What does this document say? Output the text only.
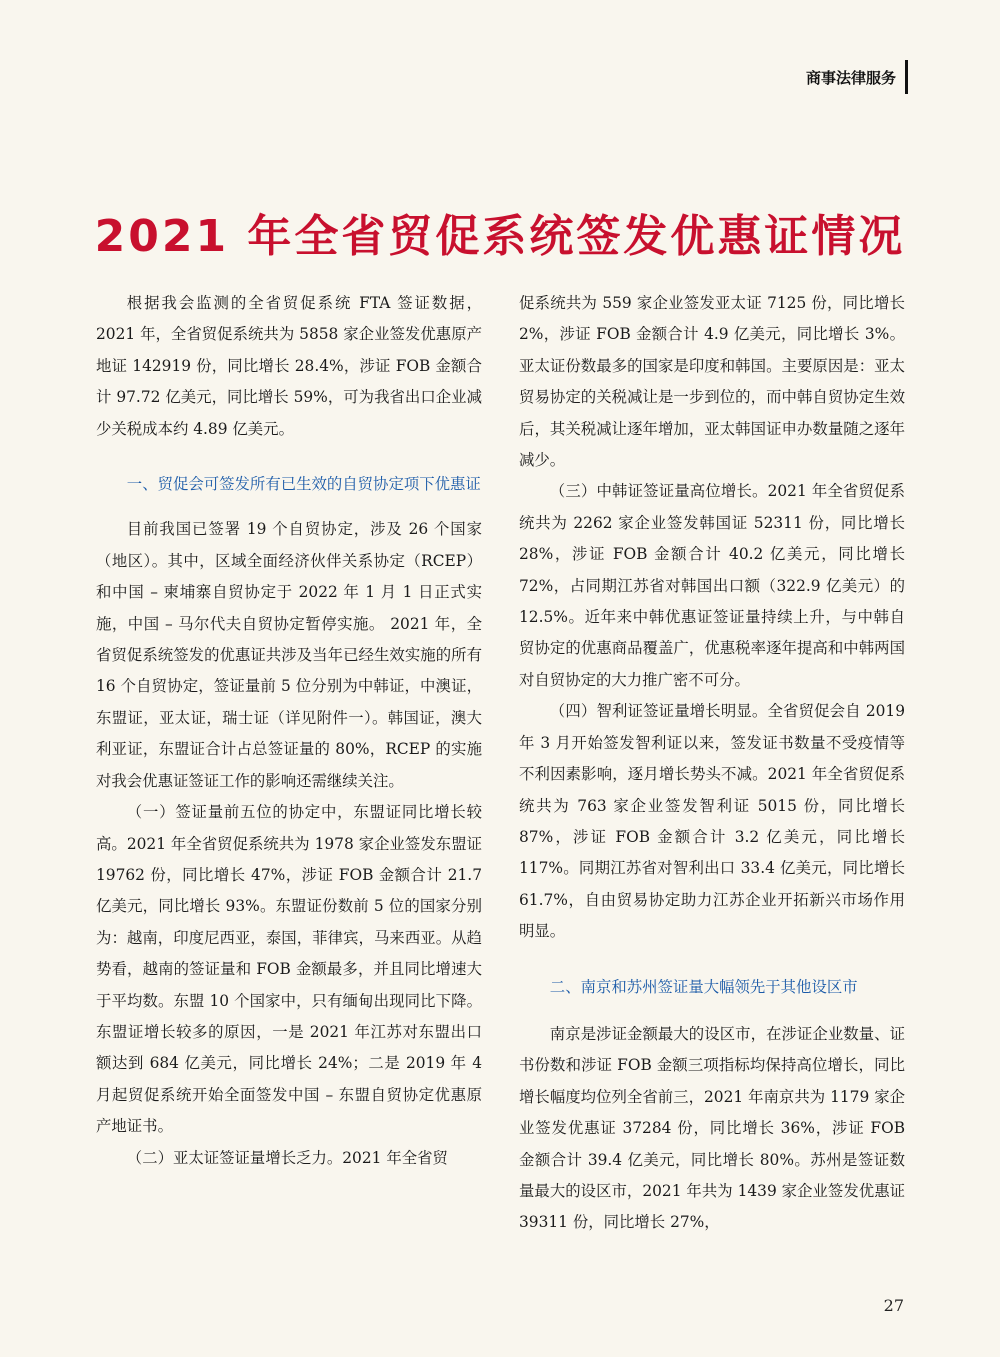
商事法律服务
2021 年全省贸促系统签发优惠证情况

根据我会监测的全省贸促系统 FTA 签证数据，2021 年，全省贸促系统共为 5858 家企业签发优惠原产地证 142919 份，同比增长 28.4%，涉证 FOB 金额合计 97.72 亿美元，同比增长 59%，可为我省出口企业减少关税成本约 4.89 亿美元。

一、贸促会可签发所有已生效的自贸协定项下优惠证

目前我国已签署 19 个自贸协定，涉及 26 个国家（地区）。其中，区域全面经济伙伴关系协定（RCEP）和中国 – 柬埔寨自贸协定于 2022 年 1 月 1 日正式实施，中国 – 马尔代夫自贸协定暂停实施。 2021 年，全省贸促系统签发的优惠证共涉及当年已经生效实施的所有 16 个自贸协定，签证量前 5 位分别为中韩证，中澳证，东盟证，亚太证，瑞士证（详见附件一）。韩国证，澳大利亚证，东盟证合计占总签证量的 80%，RCEP 的实施对我会优惠证签证工作的影响还需继续关注。

（一）签证量前五位的协定中，东盟证同比增长较高。2021 年全省贸促系统共为 1978 家企业签发东盟证 19762 份，同比增长 47%，涉证 FOB 金额合计 21.7 亿美元，同比增长 93%。东盟证份数前 5 位的国家分别为：越南，印度尼西亚，泰国，菲律宾，马来西亚。从趋势看，越南的签证量和 FOB 金额最多，并且同比增速大于平均数。东盟 10 个国家中，只有缅甸出现同比下降。东盟证增长较多的原因，一是 2021 年江苏对东盟出口额达到 684 亿美元，同比增长 24%；二是 2019 年 4 月起贸促系统开始全面签发中国 – 东盟自贸协定优惠原产地证书。

（二）亚太证签证量增长乏力。2021 年全省贸

促系统共为 559 家企业签发亚太证 7125 份，同比增长 2%，涉证 FOB 金额合计 4.9 亿美元，同比增长 3%。亚太证份数最多的国家是印度和韩国。主要原因是：亚太贸易协定的关税减让是一步到位的，而中韩自贸协定生效后，其关税减让逐年增加，亚太韩国证申办数量随之逐年减少。

（三）中韩证签证量高位增长。2021 年全省贸促系统共为 2262 家企业签发韩国证 52311 份，同比增长 28%，涉证 FOB 金额合计 40.2 亿美元，同比增长 72%，占同期江苏省对韩国出口额（322.9 亿美元）的 12.5%。近年来中韩优惠证签证量持续上升，与中韩自贸协定的优惠商品覆盖广，优惠税率逐年提高和中韩两国对自贸协定的大力推广密不可分。

（四）智利证签证量增长明显。全省贸促会自 2019 年 3 月开始签发智利证以来，签发证书数量不受疫情等不利因素影响，逐月增长势头不减。2021 年全省贸促系统共为 763 家企业签发智利证 5015 份，同比增长 87%，涉证 FOB 金额合计 3.2 亿美元，同比增长 117%。同期江苏省对智利出口 33.4 亿美元，同比增长 61.7%，自由贸易协定助力江苏企业开拓新兴市场作用明显。

二、南京和苏州签证量大幅领先于其他设区市

南京是涉证金额最大的设区市，在涉证企业数量、证书份数和涉证 FOB 金额三项指标均保持高位增长，同比增长幅度均位列全省前三，2021 年南京共为 1179 家企业签发优惠证 37284 份，同比增长 36%，涉证 FOB 金额合计 39.4 亿美元，同比增长 80%。苏州是签证数量最大的设区市，2021 年共为 1439 家企业签发优惠证 39311 份，同比增长 27%，

27
